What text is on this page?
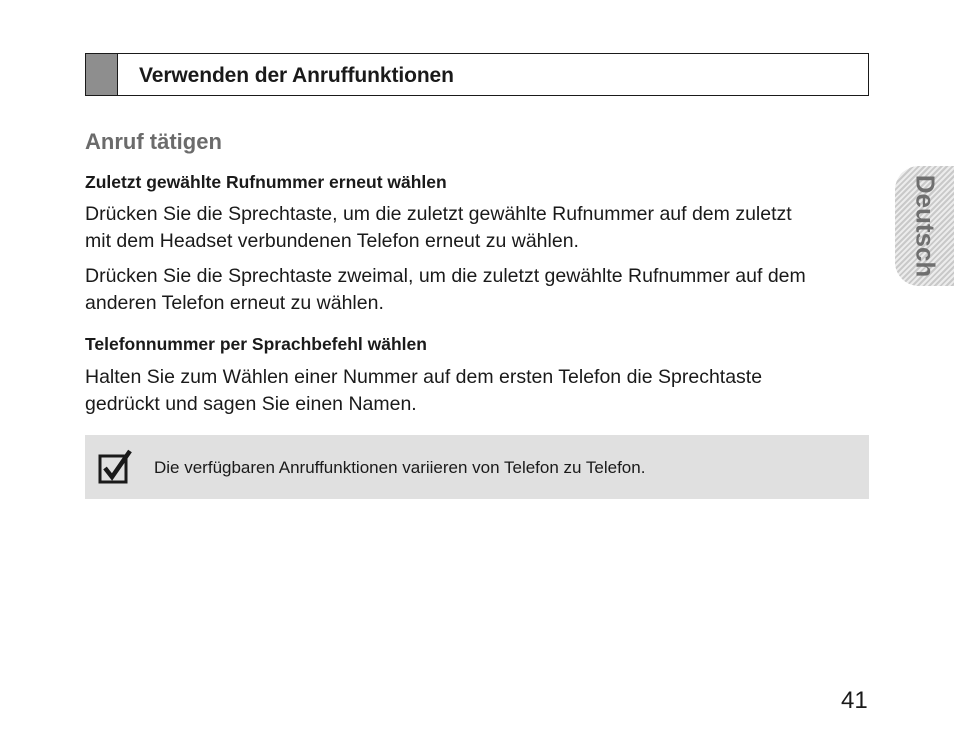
Verwenden der Anruffunktionen
Anruf tätigen
Zuletzt gewählte Rufnummer erneut wählen
Drücken Sie die Sprechtaste, um die zuletzt gewählte Rufnummer auf dem zuletzt
mit dem Headset verbundenen Telefon erneut zu wählen.
Drücken Sie die Sprechtaste zweimal, um die zuletzt gewählte Rufnummer auf dem
anderen Telefon erneut zu wählen.
Telefonnummer per Sprachbefehl wählen
Halten Sie zum Wählen einer Nummer auf dem ersten Telefon die Sprechtaste
gedrückt und sagen Sie einen Namen.
Die verfügbaren Anruffunktionen variieren von Telefon zu Telefon.
Deutsch
41
